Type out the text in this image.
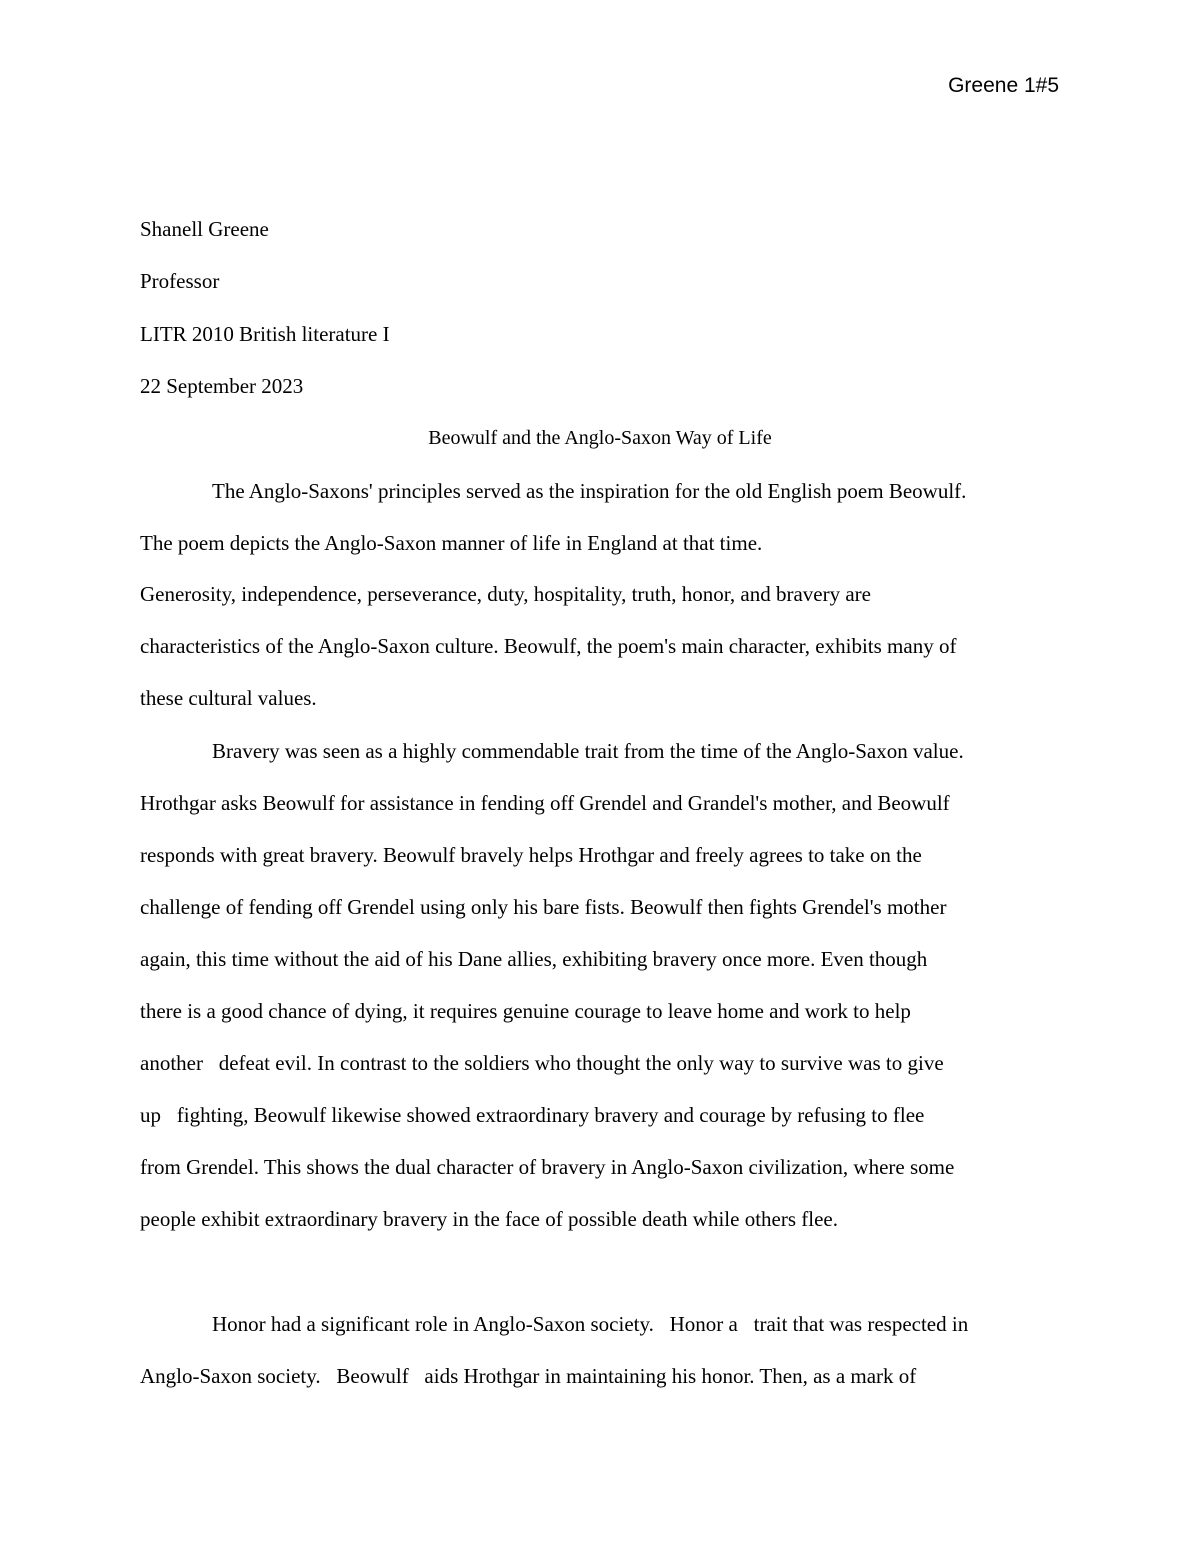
Greene 1#5
Shanell Greene
Professor
LITR 2010 British literature I
22 September 2023
Beowulf and the Anglo-Saxon Way of Life
The Anglo-Saxons' principles served as the inspiration for the old English poem Beowulf.
The poem depicts the Anglo-Saxon manner of life in England at that time.
Generosity, independence, perseverance, duty, hospitality, truth, honor, and bravery are
characteristics of the Anglo-Saxon culture. Beowulf, the poem's main character, exhibits many of
these cultural values.
Bravery was seen as a highly commendable trait from the time of the Anglo-Saxon value.
Hrothgar asks Beowulf for assistance in fending off Grendel and Grandel's mother, and Beowulf
responds with great bravery. Beowulf bravely helps Hrothgar and freely agrees to take on the
challenge of fending off Grendel using only his bare fists. Beowulf then fights Grendel's mother
again, this time without the aid of his Dane allies, exhibiting bravery once more. Even though
there is a good chance of dying, it requires genuine courage to leave home and work to help
another   defeat evil. In contrast to the soldiers who thought the only way to survive was to give
up   fighting, Beowulf likewise showed extraordinary bravery and courage by refusing to flee
from Grendel. This shows the dual character of bravery in Anglo-Saxon civilization, where some
people exhibit extraordinary bravery in the face of possible death while others flee.
Honor had a significant role in Anglo-Saxon society.   Honor a   trait that was respected in
Anglo-Saxon society.   Beowulf   aids Hrothgar in maintaining his honor. Then, as a mark of
